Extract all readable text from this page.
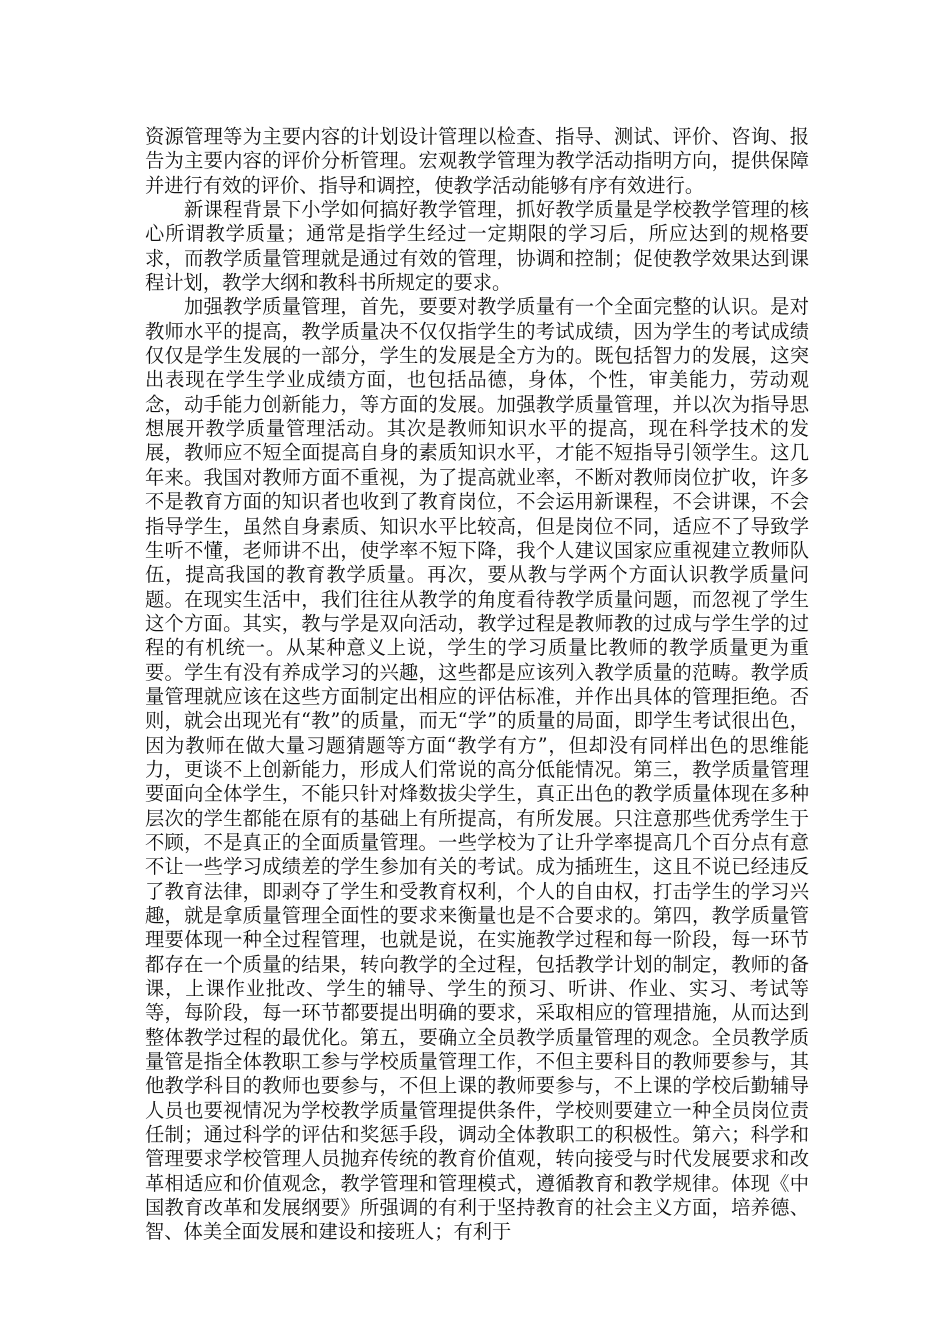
资源管理等为主要内容的计划设计管理以检查、指导、测试、评价、咨询、报告为主要内容的评价分析管理。宏观教学管理为教学活动指明方向，提供保障并进行有效的评价、指导和调控，使教学活动能够有序有效进行。

新课程背景下小学如何搞好教学管理，抓好教学质量是学校教学管理的核心所谓教学质量；通常是指学生经过一定期限的学习后，所应达到的规格要求，而教学质量管理就是通过有效的管理，协调和控制；促使教学效果达到课程计划，教学大纲和教科书所规定的要求。

加强教学质量管理，首先，要要对教学质量有一个全面完整的认识。是对教师水平的提高，教学质量决不仅仅指学生的考试成绩，因为学生的考试成绩仅仅是学生发展的一部分，学生的发展是全方为的。既包括智力的发展，这突出表现在学生学业成绩方面，也包括品德，身体，个性，审美能力，劳动观念，动手能力创新能力，等方面的发展。加强教学质量管理，并以次为指导思想展开教学质量管理活动。其次是教师知识水平的提高，现在科学技术的发展，教师应不短全面提高自身的素质知识水平，才能不短指导引领学生。这几年来。我国对教师方面不重视，为了提高就业率，不断对教师岗位扩收，许多不是教育方面的知识者也收到了教育岗位，不会运用新课程，不会讲课，不会指导学生，虽然自身素质、知识水平比较高，但是岗位不同，适应不了导致学生听不懂，老师讲不出，使学率不短下降，我个人建议国家应重视建立教师队伍，提高我国的教育教学质量。再次，要从教与学两个方面认识教学质量问题。在现实生活中，我们往往从教学的角度看待教学质量问题，而忽视了学生这个方面。其实，教与学是双向活动，教学过程是教师教的过成与学生学的过程的有机统一。从某种意义上说，学生的学习质量比教师的教学质量更为重要。学生有没有养成学习的兴趣，这些都是应该列入教学质量的范畴。教学质量管理就应该在这些方面制定出相应的评估标准，并作出具体的管理拒绝。否则，就会出现光有“教”的质量，而无“学”的质量的局面，即学生考试很出色，因为教师在做大量习题猜题等方面“教学有方”，但却没有同样出色的思维能力，更谈不上创新能力，形成人们常说的高分低能情况。第三，教学质量管理要面向全体学生，不能只针对烽数拔尖学生，真正出色的教学质量体现在多种层次的学生都能在原有的基础上有所提高，有所发展。只注意那些优秀学生于不顾，不是真正的全面质量管理。一些学校为了让升学率提高几个百分点有意不让一些学习成绩差的学生参加有关的考试。成为插班生，这且不说已经违反了教育法律，即剥夺了学生和受教育权利，个人的自由权，打击学生的学习兴趣，就是拿质量管理全面性的要求来衡量也是不合要求的。第四，教学质量管理要体现一种全过程管理，也就是说，在实施教学过程和每一阶段，每一环节都存在一个质量的结果，转向教学的全过程，包括教学计划的制定，教师的备课，上课作业批改、学生的辅导、学生的预习、听讲、作业、实习、考试等等，每阶段，每一环节都要提出明确的要求，采取相应的管理措施，从而达到整体教学过程的最优化。第五，要确立全员教学质量管理的观念。全员教学质量管是指全体教职工参与学校质量管理工作，不但主要科目的教师要参与，其他教学科目的教师也要参与，不但上课的教师要参与，不上课的学校后勤辅导人员也要视情况为学校教学质量管理提供条件，学校则要建立一种全员岗位责任制；通过科学的评估和奖惩手段，调动全体教职工的积极性。第六；科学和管理要求学校管理人员抛弃传统的教育价值观，转向接受与时代发展要求和改革相适应和价值观念，教学管理和管理模式，遵循教育和教学规律。体现《中国教育改革和发展纲要》所强调的有利于坚持教育的社会主义方面，培养德、智、体美全面发展和建设和接班人；有利于
